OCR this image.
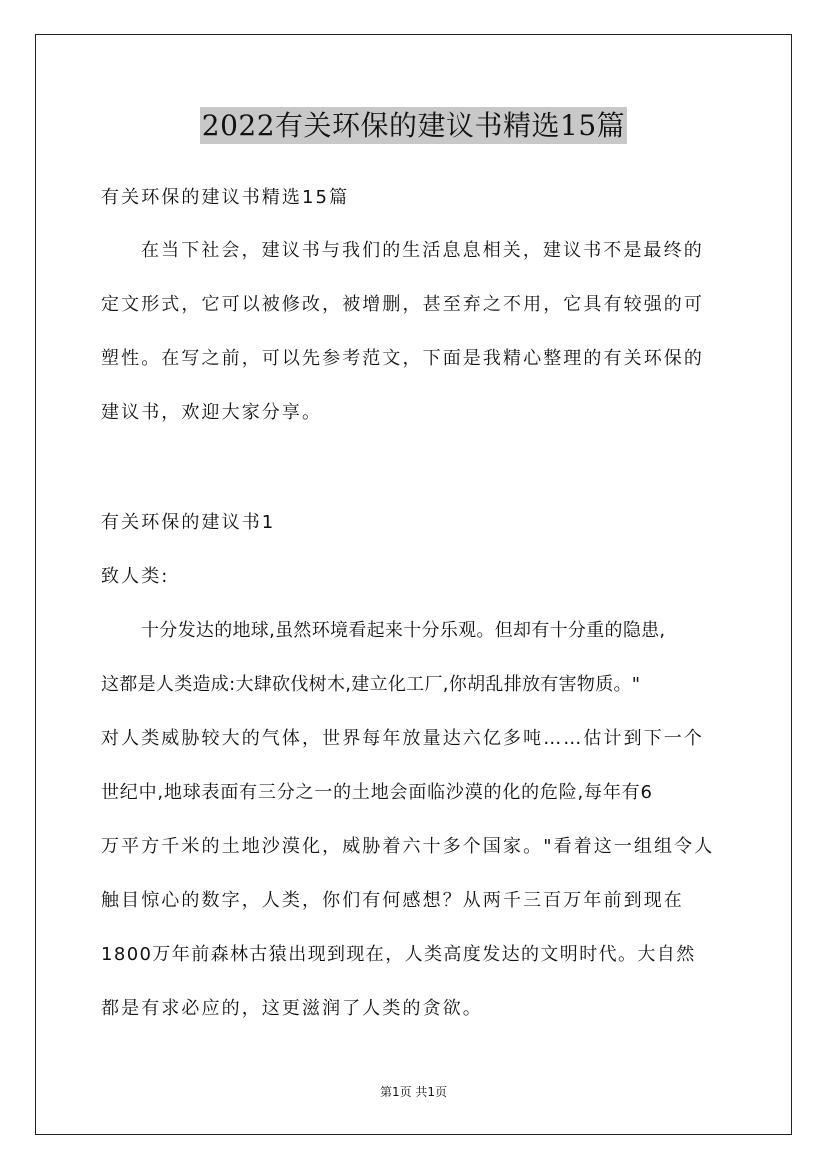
2022有关环保的建议书精选15篇
有关环保的建议书精选15篇
在当下社会，建议书与我们的生活息息相关，建议书不是最终的
定文形式，它可以被修改，被增删，甚至弃之不用，它具有较强的可
塑性。在写之前，可以先参考范文，下面是我精心整理的有关环保的
建议书，欢迎大家分享。
有关环保的建议书1
致人类:
十分发达的地球,虽然环境看起来十分乐观。但却有十分重的隐患,
这都是人类造成:大肆砍伐树木,建立化工厂,你胡乱排放有害物质。"
对人类威胁较大的气体，世界每年放量达六亿多吨……估计到下一个
世纪中,地球表面有三分之一的土地会面临沙漠的化的危险,每年有6
万平方千米的土地沙漠化，威胁着六十多个国家。"看着这一组组令人
触目惊心的数字，人类，你们有何感想？从两千三百万年前到现在
1800万年前森林古猿出现到现在，人类高度发达的文明时代。大自然
都是有求必应的，这更滋润了人类的贪欲。
第1页 共1页
